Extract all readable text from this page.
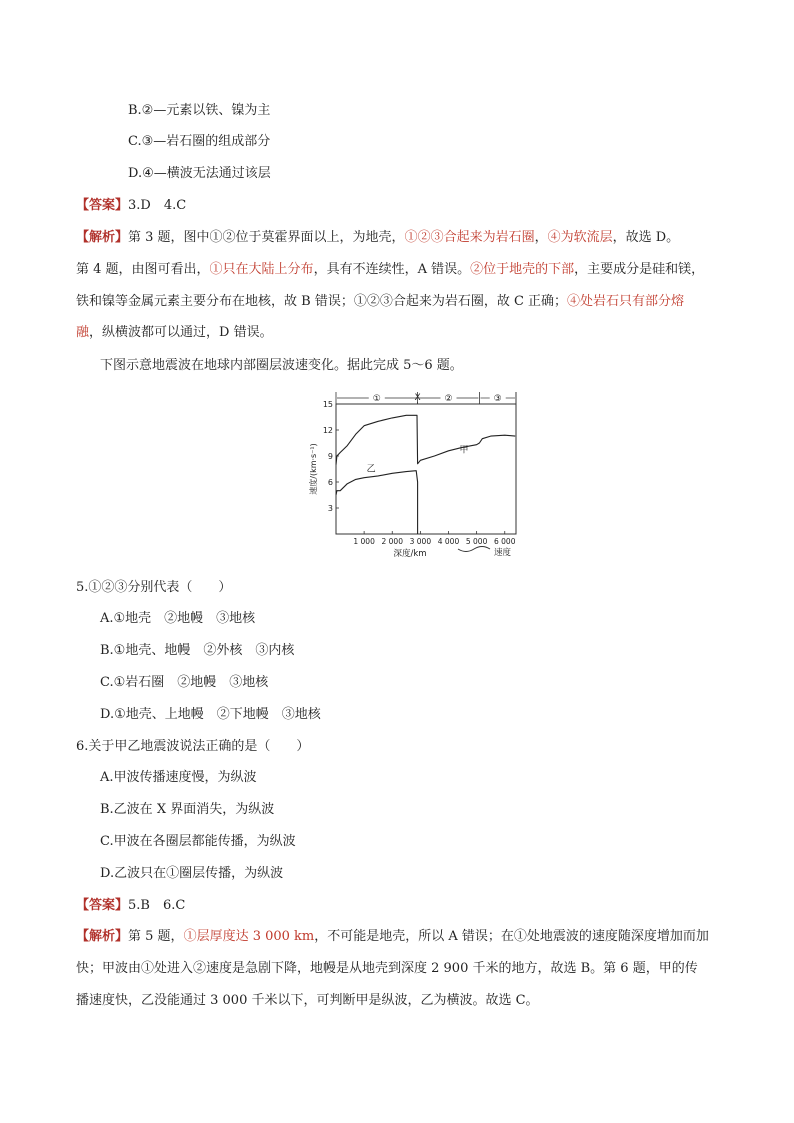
B.②—元素以铁、镍为主
C.③—岩石圈的组成部分
D.④—横波无法通过该层
【答案】3.D　4.C
【解析】第 3 题，图中①②位于莫霍界面以上，为地壳，①②③合起来为岩石圈，④为软流层，故选 D。
第 4 题，由图可看出，①只在大陆上分布，具有不连续性，A 错误。②位于地壳的下部，主要成分是硅和镁，
铁和镍等金属元素主要分布在地核，故 B 错误；①②③合起来为岩石圈，故 C 正确；④处岩石只有部分熔
融，纵横波都可以通过，D 错误。
下图示意地震波在地球内部圈层波速变化。据此完成 5～6 题。
①	X	②	③
3
6
9
12
15
1 000 2 000 3 000 4 000 5 000 6 000
深度/km
速度/(km·s⁻¹)
速度
甲
乙
5.①②③分别代表（　　）
A.①地壳　②地幔　③地核
B.①地壳、地幔　②外核　③内核
C.①岩石圈　②地幔　③地核
D.①地壳、上地幔　②下地幔　③地核
6.关于甲乙地震波说法正确的是（　　）
A.甲波传播速度慢，为纵波
B.乙波在 X 界面消失，为纵波
C.甲波在各圈层都能传播，为纵波
D.乙波只在①圈层传播，为纵波
【答案】5.B　6.C
【解析】第 5 题，①层厚度达 3 000 km，不可能是地壳，所以 A 错误；在①处地震波的速度随深度增加而加
快；甲波由①处进入②速度是急剧下降，地幔是从地壳到深度 2 900 千米的地方，故选 B。第 6 题，甲的传
播速度快，乙没能通过 3 000 千米以下，可判断甲是纵波，乙为横波。故选 C。
